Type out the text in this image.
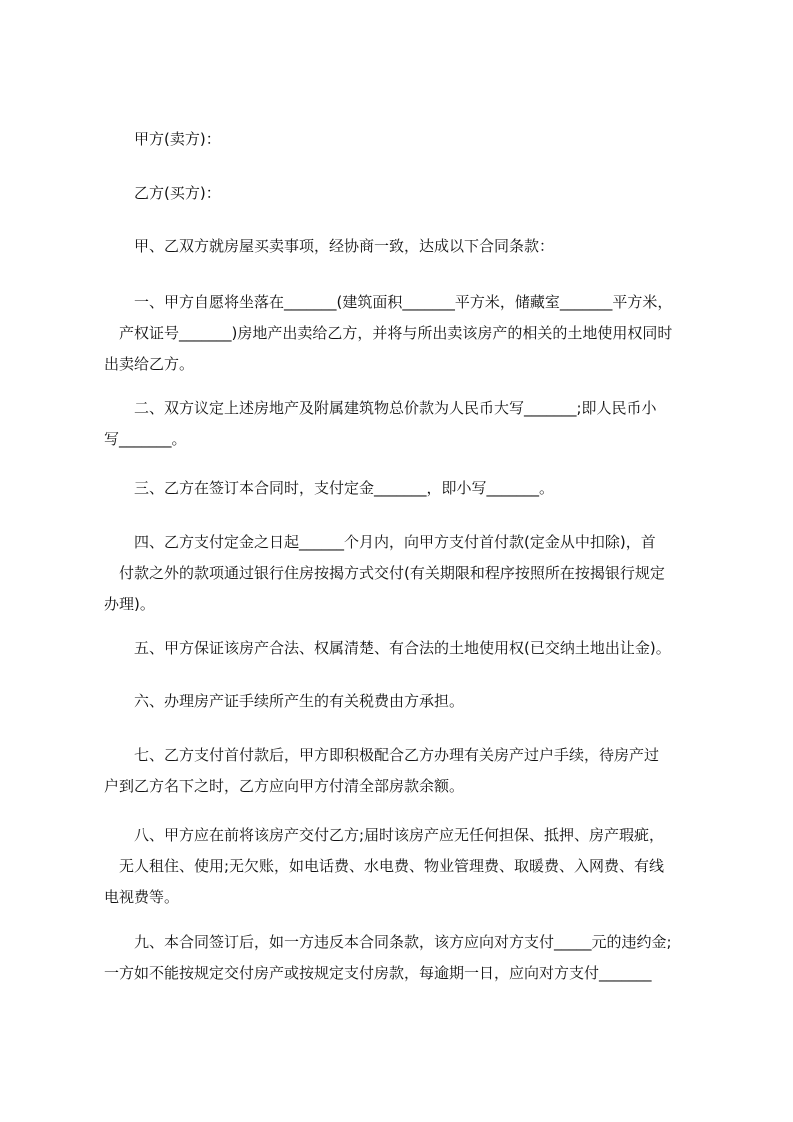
　　甲方(卖方)：

　　乙方(买方)：

　　甲、乙双方就房屋买卖事项，经协商一致，达成以下合同条款：

　　一、甲方自愿将坐落在_______(建筑面积_______平方米，储藏室_______平方米，
　产权证号_______)房地产出卖给乙方，并将与所出卖该房产的相关的土地使用权同时
出卖给乙方。

　　二、双方议定上述房地产及附属建筑物总价款为人民币大写_______;即人民币小
写_______。

　　三、乙方在签订本合同时，支付定金_______，即小写_______。

　　四、乙方支付定金之日起______个月内，向甲方支付首付款(定金从中扣除)，首
　付款之外的款项通过银行住房按揭方式交付(有关期限和程序按照所在按揭银行规定
办理)。

　　五、甲方保证该房产合法、权属清楚、有合法的土地使用权(已交纳土地出让金)。

　　六、办理房产证手续所产生的有关税费由方承担。

　　七、乙方支付首付款后，甲方即积极配合乙方办理有关房产过户手续，待房产过
户到乙方名下之时，乙方应向甲方付清全部房款余额。

　　八、甲方应在前将该房产交付乙方;届时该房产应无任何担保、抵押、房产瑕疵，
　无人租住、使用;无欠账，如电话费、水电费、物业管理费、取暖费、入网费、有线
电视费等。

　　九、本合同签订后，如一方违反本合同条款，该方应向对方支付_____元的违约金;
一方如不能按规定交付房产或按规定支付房款，每逾期一日，应向对方支付_______
